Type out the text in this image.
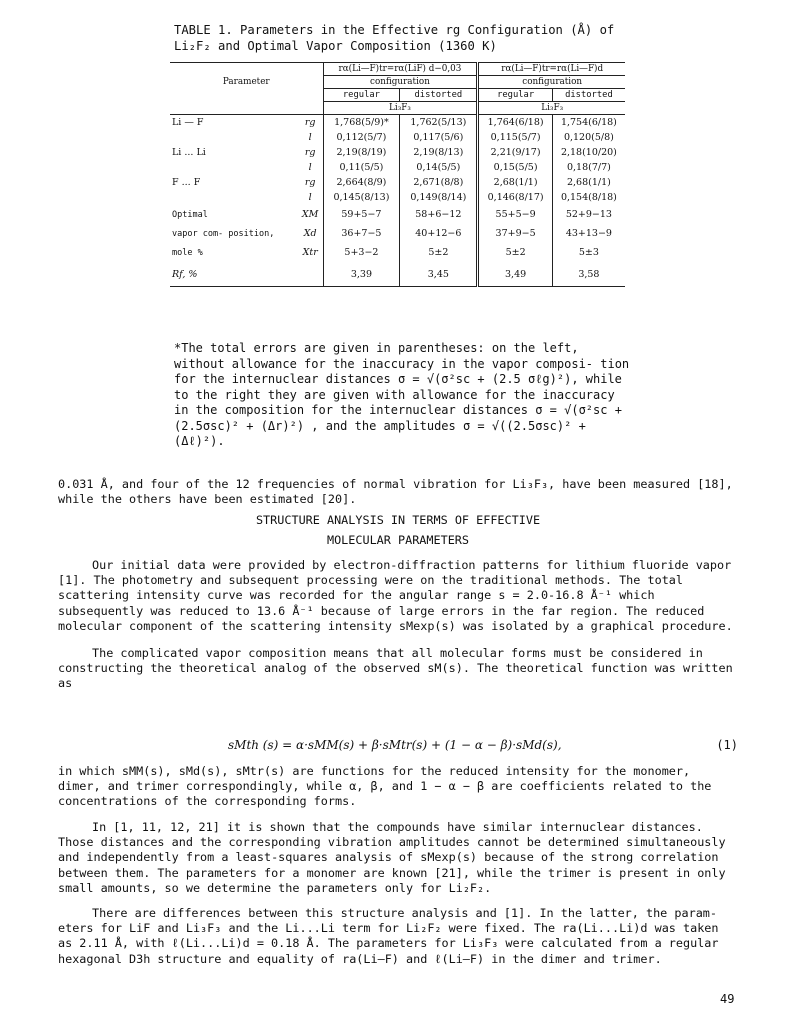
TABLE 1. Parameters in the Effective rg Configuration (Å) of Li₂F₂ and Optimal Vapor Composition (1360 K)
Parameter		rα(Li—F)tr=rα(LiF) d−0,03		rα(Li—F)tr=rα(Li—F)d	
		configuration		configuration	
		regular	distorted	regular	distorted
		Li₃F₃		Li₃F₃	
Li — F	rg	1,768(5/9)*	1,762(5/13)	1,764(6/18)	1,754(6/18)
	l	0,112(5/7)	0,117(5/6)	0,115(5/7)	0,120(5/8)
Li ... Li	rg	2,19(8/19)	2,19(8/13)	2,21(9/17)	2,18(10/20)
	l	0,11(5/5)	0,14(5/5)	0,15(5/5)	0,18(7/7)
F ... F	rg	2,664(8/9)	2,671(8/8)	2,68(1/1)	2,68(1/1)
	l	0,145(8/13)	0,149(8/14)	0,146(8/17)	0,154(8/18)
Optimal	XM	59+5−7	58+6−12	55+5−9	52+9−13
vapor com- position,	Xd	36+7−5	40+12−6	37+9−5	43+13−9
mole %	Xtr	5+3−2	5±2	5±2	5±3
Rf, %		3,39	3,45	3,49	3,58
*The total errors are given in parentheses: on the left, without allowance for the inaccuracy in the vapor composi- tion for the internuclear distances σ = √(σ²sc + (2.5 σℓg)²), while to the right they are given with allowance for the inaccuracy in the composition for the internuclear distances σ = √(σ²sc + (2.5σsc)² + (Δr)²) , and the amplitudes σ = √((2.5σsc)² + (Δℓ)²).
0.031 Å, and four of the 12 frequencies of normal vibration for Li₃F₃, have been measured [18], while the others have been estimated [20].
STRUCTURE ANALYSIS IN TERMS OF EFFECTIVE
MOLECULAR PARAMETERS
Our initial data were provided by electron-diffraction patterns for lithium fluoride vapor [1]. The photometry and subsequent processing were on the traditional methods. The total scattering intensity curve was recorded for the angular range s = 2.0-16.8 Å⁻¹ which subsequently was reduced to 13.6 Å⁻¹ because of large errors in the far region. The reduced molecular component of the scattering intensity sMexp(s) was isolated by a graphical procedure.
The complicated vapor composition means that all molecular forms must be considered in constructing the theoretical analog of the observed sM(s). The theoretical function was written as
sMth (s) = α·sMM(s) + β·sMtr(s) + (1 − α − β)·sMd(s),	(1)
in which sMM(s), sMd(s), sMtr(s) are functions for the reduced intensity for the monomer, dimer, and trimer correspondingly, while α, β, and 1 − α − β are coefficients related to the concentrations of the corresponding forms.
In [1, 11, 12, 21] it is shown that the compounds have similar internuclear distances. Those distances and the corresponding vibration amplitudes cannot be determined simultaneously and independently from a least-squares analysis of sMexp(s) because of the strong correlation between them. The parameters for a monomer are known [21], while the trimer is present in only small amounts, so we determine the parameters only for Li₂F₂.
There are differences between this structure analysis and [1]. In the latter, the param- eters for LiF and Li₃F₃ and the Li...Li term for Li₂F₂ were fixed. The ra(Li...Li)d was taken as 2.11 Å, with ℓ(Li...Li)d = 0.18 Å. The parameters for Li₃F₃ were calculated from a regular hexagonal D3h structure and equality of ra(Li—F) and ℓ(Li—F) in the dimer and trimer.
49
